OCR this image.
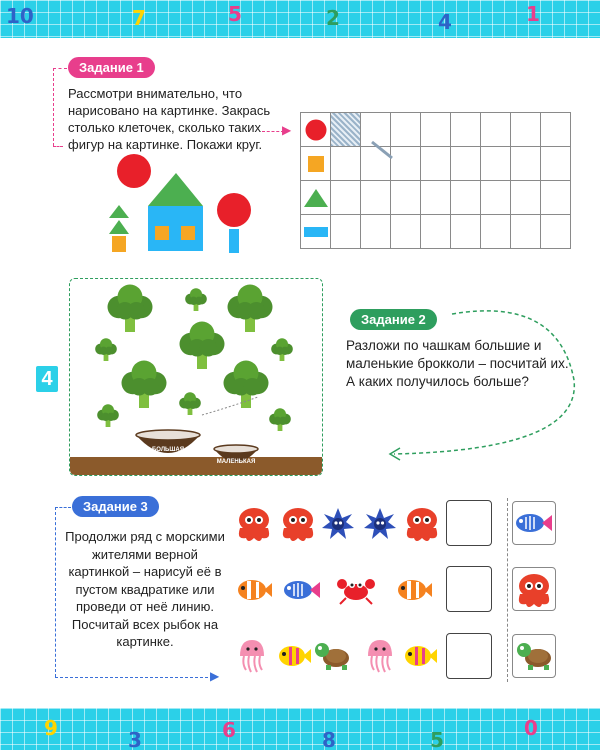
10	7	5	2	4	1
4
Задание 1

Рассмотри внимательно, что нарисовано на картинке. Закрась столько клеточек, сколько таких фигур на картинке. Покажи круг.

▶
БОЛЬШАЯ
МАЛЕНЬКАЯ
Задание 2

Разложи по чашкам большие и маленькие брокколи – посчитай их. А каких получилось больше?

Задание 3
▶

Продолжи ряд с морскими жителями верной картинкой – нарисуй её в пустом квадратике или проведи от неё линию. Посчитай всех рыбок на картинке.

9	3	6	8	5	0
